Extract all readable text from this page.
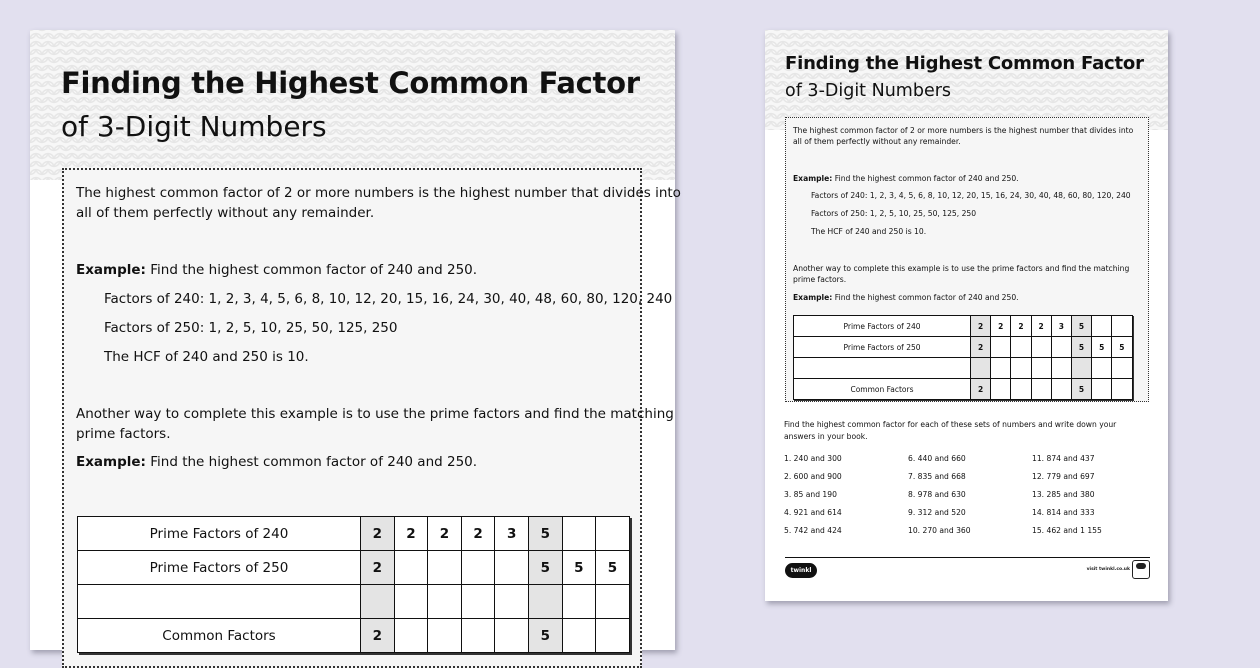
Finding the Highest Common Factor
of 3-Digit Numbers
The highest common factor of 2 or more numbers is the highest number that divides into
all of them perfectly without any remainder.
Example: Find the highest common factor of 240 and 250.
Factors of 240: 1, 2, 3, 4, 5, 6, 8, 10, 12, 20, 15, 16, 24, 30, 40, 48, 60, 80, 120, 240
Factors of 250: 1, 2, 5, 10, 25, 50, 125, 250
The HCF of 240 and 250 is 10.
Another way to complete this example is to use the prime factors and find the matching
prime factors.
Example: Find the highest common factor of 240 and 250.
Prime Factors of 240	2	2	2	2	3	5		
Prime Factors of 250	2					5	5	5

Common Factors	2					5		
Finding the Highest Common Factor
of 3-Digit Numbers
The highest common factor of 2 or more numbers is the highest number that divides into
all of them perfectly without any remainder.
Example: Find the highest common factor of 240 and 250.
Factors of 240: 1, 2, 3, 4, 5, 6, 8, 10, 12, 20, 15, 16, 24, 30, 40, 48, 60, 80, 120, 240
Factors of 250: 1, 2, 5, 10, 25, 50, 125, 250
The HCF of 240 and 250 is 10.
Another way to complete this example is to use the prime factors and find the matching
prime factors.
Example: Find the highest common factor of 240 and 250.
Prime Factors of 240	2	2	2	2	3	5		
Prime Factors of 250	2					5	5	5

Common Factors	2					5		
Find the highest common factor for each of these sets of numbers and write down your
answers in your book.
1. 240 and 300
2. 600 and 900
3. 85 and 190
4. 921 and 614
5. 742 and 424
6. 440 and 660
7. 835 and 668
8. 978 and 630
9. 312 and 520
10. 270 and 360
11. 874 and 437
12. 779 and 697
13. 285 and 380
14. 814 and 333
15. 462 and 1 155
twinkl	visit twinkl.co.uk
